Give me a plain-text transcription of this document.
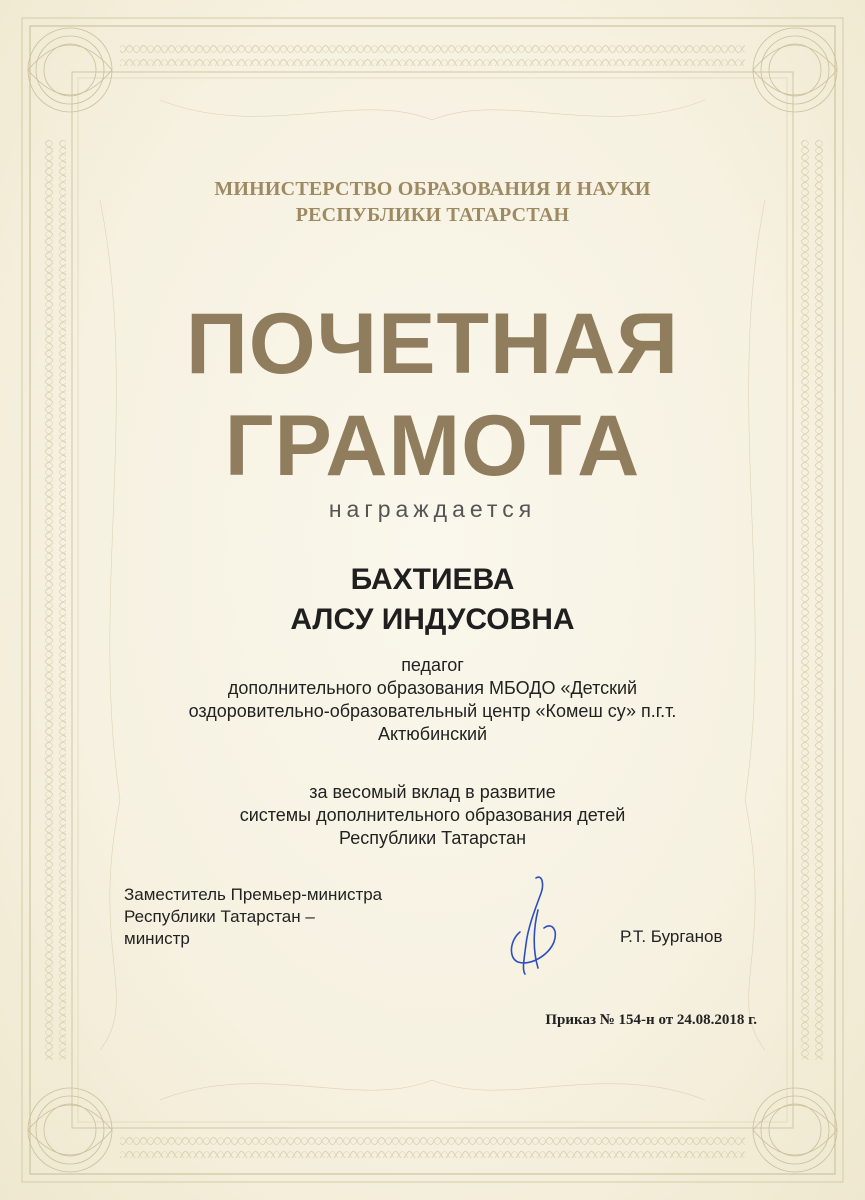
МИНИСТЕРСТВО ОБРАЗОВАНИЯ И НАУКИ
РЕСПУБЛИКИ ТАТАРСТАН
ПОЧЕТНАЯ
ГРАМОТА
награждается
БАХТИЕВА
АЛСУ ИНДУСОВНА
педагог
дополнительного образования МБОДО «Детский
оздоровительно-образовательный центр «Комеш су» п.г.т.
Актюбинский
за весомый вклад в развитие
системы дополнительного образования детей
Республики Татарстан
Заместитель Премьер-министра
Республики Татарстан –
министр	Р.Т. Бурганов
Приказ № 154-н от 24.08.2018 г.
